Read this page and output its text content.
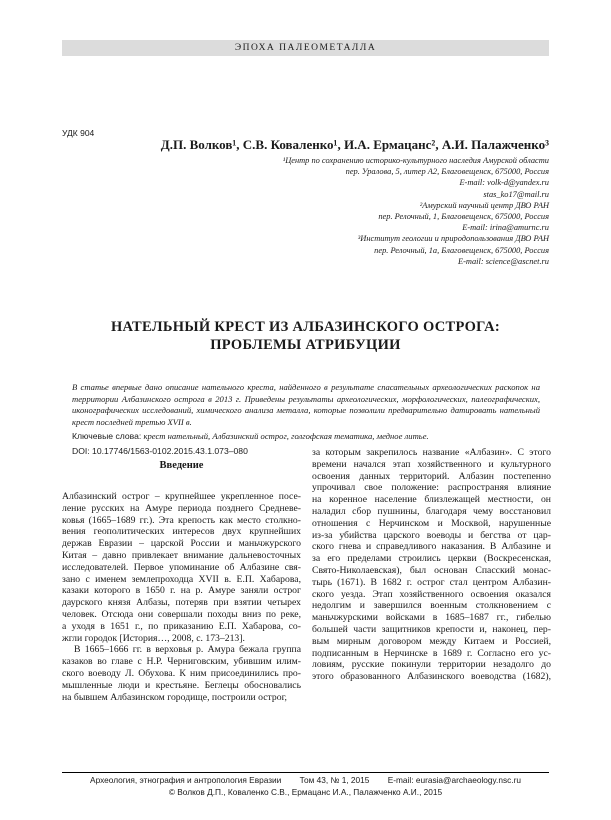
ЭПОХА ПАЛЕОМЕТАЛЛА
УДК 904
Д.П. Волков¹, С.В. Коваленко¹, И.А. Ермацанс², А.И. Палажченко³
¹Центр по сохранению историко-культурного наследия Амурской области
пер. Уралова, 5, литер А2, Благовещенск, 675000, Россия
E-mail: volk-d@yandex.ru
stas_ko17@mail.ru
²Амурский научный центр ДВО РАН
пер. Релочный, 1, Благовещенск, 675000, Россия
E-mail: irina@amurnc.ru
³Институт геологии и природопользования ДВО РАН
пер. Релочный, 1а, Благовещенск, 675000, Россия
E-mail: science@ascnet.ru
НАТЕЛЬНЫЙ КРЕСТ ИЗ АЛБАЗИНСКОГО ОСТРОГА:
ПРОБЛЕМЫ АТРИБУЦИИ
В статье впервые дано описание нательного креста, найденного в результате спасательных археологических раскопок на территории Албазинского острога в 2013 г. Приведены результаты археологических, морфологических, палеографических, иконографических исследований, химического анализа металла, которые позволили предварительно датировать нательный крест последней третью XVII в.
Ключевые слова: крест нательный, Албазинский острог, голгофская тематика, медное литье.
DOI: 10.17746/1563-0102.2015.43.1.073–080
Введение
Албазинский острог – крупнейшее укрепленное посе-
ление русских на Амуре периода позднего Средневе-
ковья (1665–1689 гг.). Эта крепость как место столкно-
вения геополитических интересов двух крупнейших
держав Евразии – царской России и маньчжурского
Китая – давно привлекает внимание дальневосточных
исследователей. Первое упоминание об Албазине свя-
зано с именем землепроходца XVII в. Е.П. Хабарова,
казаки которого в 1650 г. на р. Амуре заняли острог
даурского князя Албазы, потеряв при взятии четырех
человек. Отсюда они совершали походы вниз по реке,
а уходя в 1651 г., по приказанию Е.П. Хабарова, со-
жгли городок [История…, 2008, с. 173–213].
В 1665–1666 гг. в верховья р. Амура бежала группа
казаков во главе с Н.Р. Черниговским, убившим илим-
ского воеводу Л. Обухова. К ним присоединились про-
мышленные люди и крестьяне. Беглецы обосновались
на бывшем Албазинском городище, построили острог,
за которым закрепилось название «Албазин». С этого
времени начался этап хозяйственного и культурного
освоения данных территорий. Албазин постепенно
упрочивал свое положение: распространяя влияние
на коренное население близлежащей местности, он
наладил сбор пушнины, благодаря чему восстановил
отношения с Нерчинском и Москвой, нарушенные
из-за убийства царского воеводы и бегства от цар-
ского гнева и справедливого наказания. В Албазине и
за его пределами строились церкви (Воскресенская,
Свято-Николаевская), был основан Спасский монас-
тырь (1671). В 1682 г. острог стал центром Албазин-
ского уезда. Этап хозяйственного освоения оказался
недолгим и завершился военным столкновением с
маньчжурскими войсками в 1685–1687 гг., гибелью
большей части защитников крепости и, наконец, пер-
вым мирным договором между Китаем и Россией,
подписанным в Нерчинске в 1689 г. Согласно его ус-
ловиям, русские покинули территории незадолго до
этого образованного Албазинского воеводства (1682),
Археология, этнография и антропология Евразии Том 43, № 1, 2015 E-mail: eurasia@archaeology.nsc.ru
© Волков Д.П., Коваленко С.В., Ермацанс И.А., Палажченко А.И., 2015
